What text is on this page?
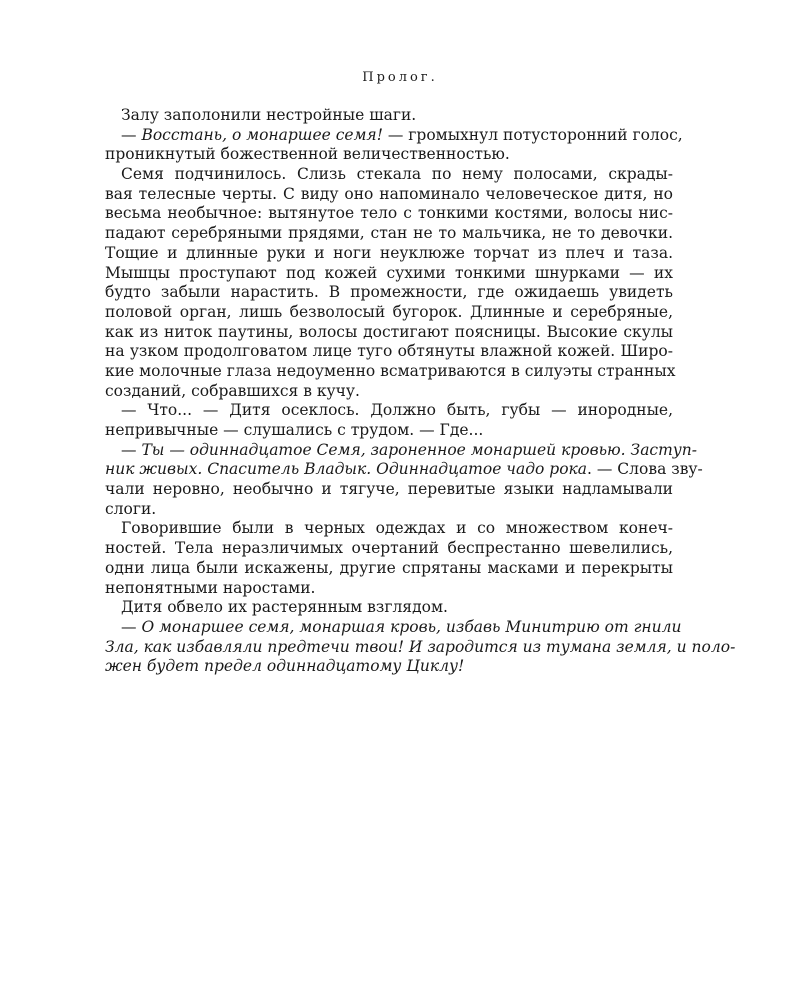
Пролог.
Залу заполонили нестройные шаги.
— Восстань, о монаршее семя! — громыхнул потусторонний голос,
проникнутый божественной величественностью.
Семя подчинилось. Слизь стекала по нему полосами, скрады-
вая телесные черты. С виду оно напоминало человеческое дитя, но
весьма необычное: вытянутое тело с тонкими костями, волосы нис-
падают серебряными прядями, стан не то мальчика, не то девочки.
Тощие и длинные руки и ноги неуклюже торчат из плеч и таза.
Мышцы проступают под кожей сухими тонкими шнурками — их
будто забыли нарастить. В промежности, где ожидаешь увидеть
половой орган, лишь безволосый бугорок. Длинные и серебряные,
как из ниток паутины, волосы достигают поясницы. Высокие скулы
на узком продолговатом лице туго обтянуты влажной кожей. Широ-
кие молочные глаза недоуменно всматриваются в силуэты странных
созданий, собравшихся в кучу.
— Что... — Дитя осеклось. Должно быть, губы — инородные,
непривычные — слушались с трудом. — Где...
— Ты — одиннадцатое Семя, зароненное монаршей кровью. Заступ-
ник живых. Спаситель Владык. Одиннадцатое чадо рока. — Слова зву-
чали неровно, необычно и тягуче, перевитые языки надламывали
слоги.
Говорившие были в черных одеждах и со множеством конеч-
ностей. Тела неразличимых очертаний беспрестанно шевелились,
одни лица были искажены, другие спрятаны масками и перекрыты
непонятными наростами.
Дитя обвело их растерянным взглядом.
— О монаршее семя, монаршая кровь, избавь Минитрию от гнили
Зла, как избавляли предтечи твои! И зародится из тумана земля, и поло-
жен будет предел одиннадцатому Циклу!
